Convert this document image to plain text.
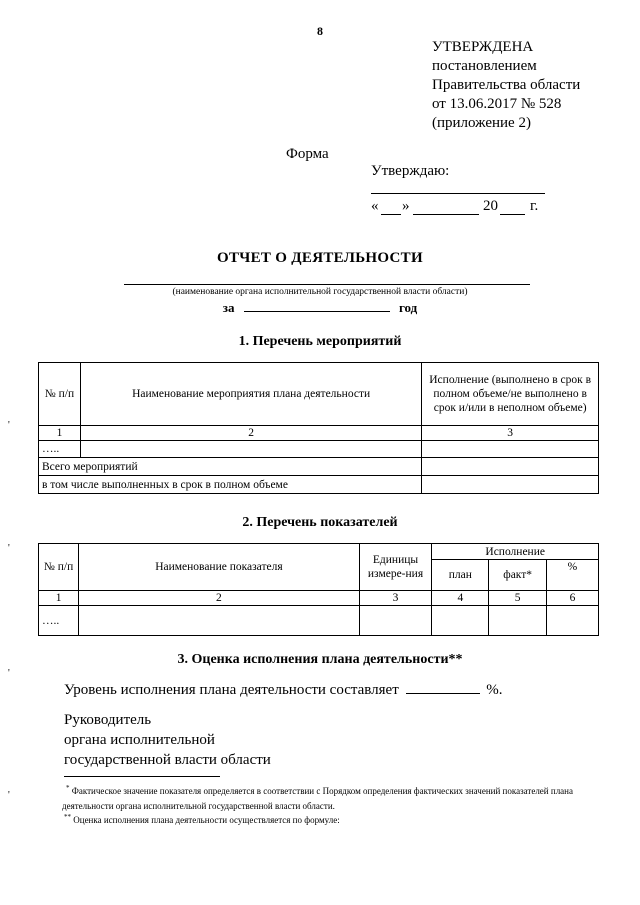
8
УТВЕРЖДЕНА
постановлением
Правительства области
от 13.06.2017 № 528
(приложение 2)
Форма
Утверждаю:
« »	20 г.
ОТЧЕТ О ДЕЯТЕЛЬНОСТИ
(наименование органа исполнительной государственной власти области)
за	год
1. Перечень мероприятий
№ п/п	Наименование мероприятия плана деятельности	Исполнение (выполнено в срок в полном объеме/не выполнено в срок и/или в неполном объеме)
1	2	3
…..		
Всего мероприятий		
в том числе выполненных в срок в полном объеме		
2. Перечень показателей
№ п/п	Наименование показателя	Единицы измере-ния	Исполнение		
			план	факт*	%
1	2	3	4	5	6
…..					
3. Оценка исполнения плана деятельности**
Уровень исполнения плана деятельности составляет	%.
Руководитель
органа исполнительной
государственной власти области
* Фактическое значение показателя определяется в соответствии с Порядком определения фактических значений показателей плана деятельности органа исполнительной государственной власти области.
** Оценка исполнения плана деятельности осуществляется по формуле:
'
'
'
'
